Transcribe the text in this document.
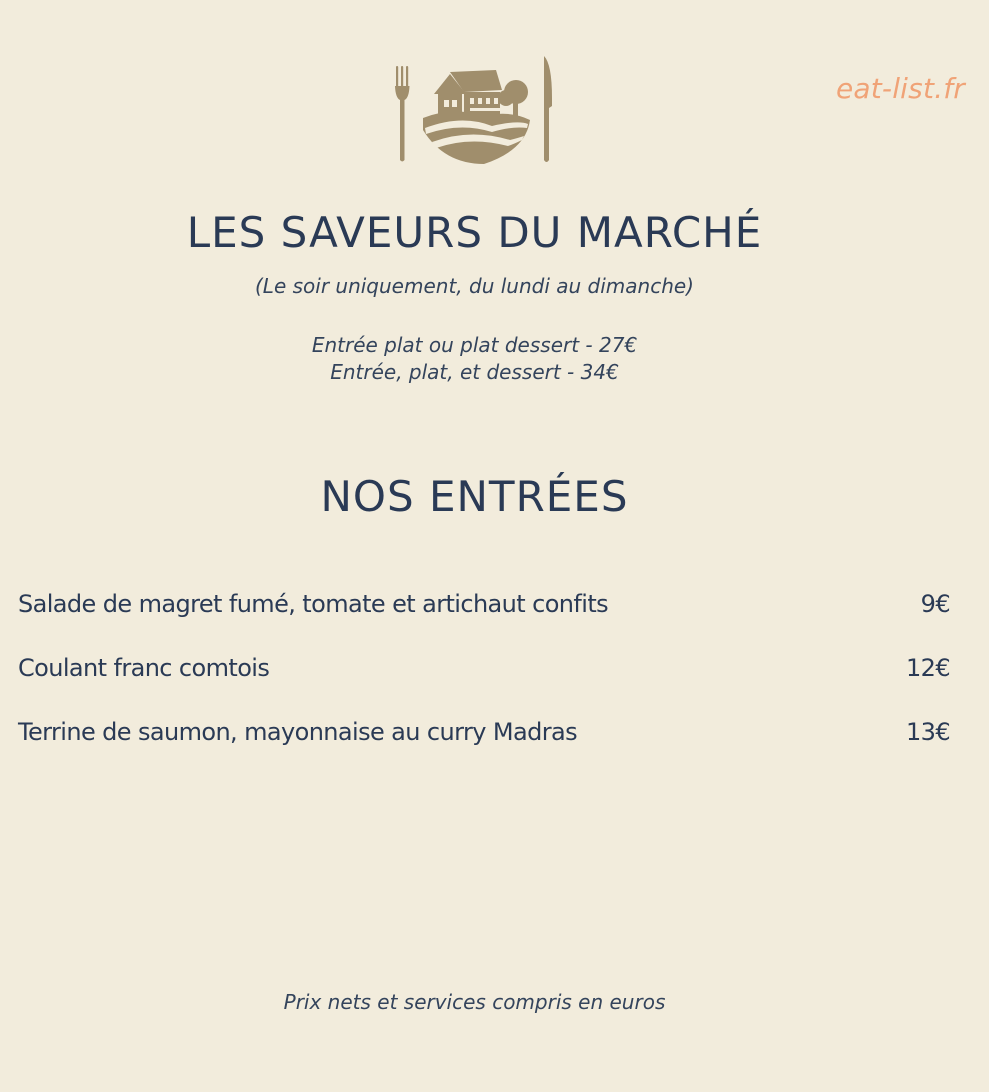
eat-list.fr
LES SAVEURS DU MARCHÉ
(Le soir uniquement, du lundi au dimanche)
Entrée plat ou plat dessert - 27€
Entrée, plat, et dessert - 34€
NOS ENTRÉES
Salade de magret fumé, tomate et artichaut confits	9€
Coulant franc comtois	12€
Terrine de saumon, mayonnaise au curry Madras	13€
Prix nets et services compris en euros
